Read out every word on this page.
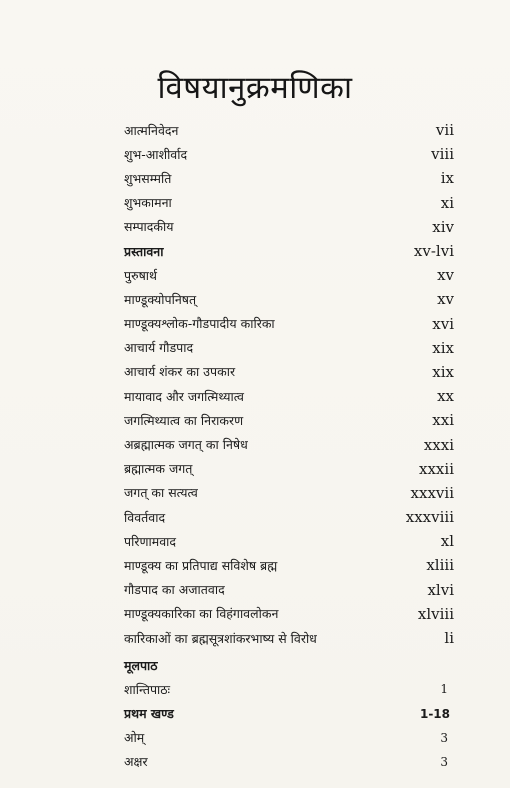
विषयानुक्रमणिका
आत्मनिवेदन	vii
शुभ-आशीर्वाद	viii
शुभसम्मति	ix
शुभकामना	xi
सम्पादकीय	xiv
प्रस्तावना	xv-lvi
पुरुषार्थ	xv
माण्डूक्योपनिषत्	xv
माण्डूक्यश्लोक-गौडपादीय कारिका	xvi
आचार्य गौडपाद	xix
आचार्य शंकर का उपकार	xix
मायावाद और जगत्मिथ्यात्व	xx
जगत्मिथ्यात्व का निराकरण	xxi
अब्रह्मात्मक जगत् का निषेध	xxxi
ब्रह्मात्मक जगत्	xxxii
जगत् का सत्यत्व	xxxvii
विवर्तवाद	xxxviii
परिणामवाद	xl
माण्डूक्य का प्रतिपाद्य सविशेष ब्रह्म	xliii
गौडपाद का अजातवाद	xlvi
माण्डूक्यकारिका का विहंगावलोकन	xlviii
कारिकाओं का ब्रह्मसूत्रशांकरभाष्य से विरोध	li
मूलपाठ
शान्तिपाठः	1
प्रथम खण्ड	1-18
ओम्	3
अक्षर	3
